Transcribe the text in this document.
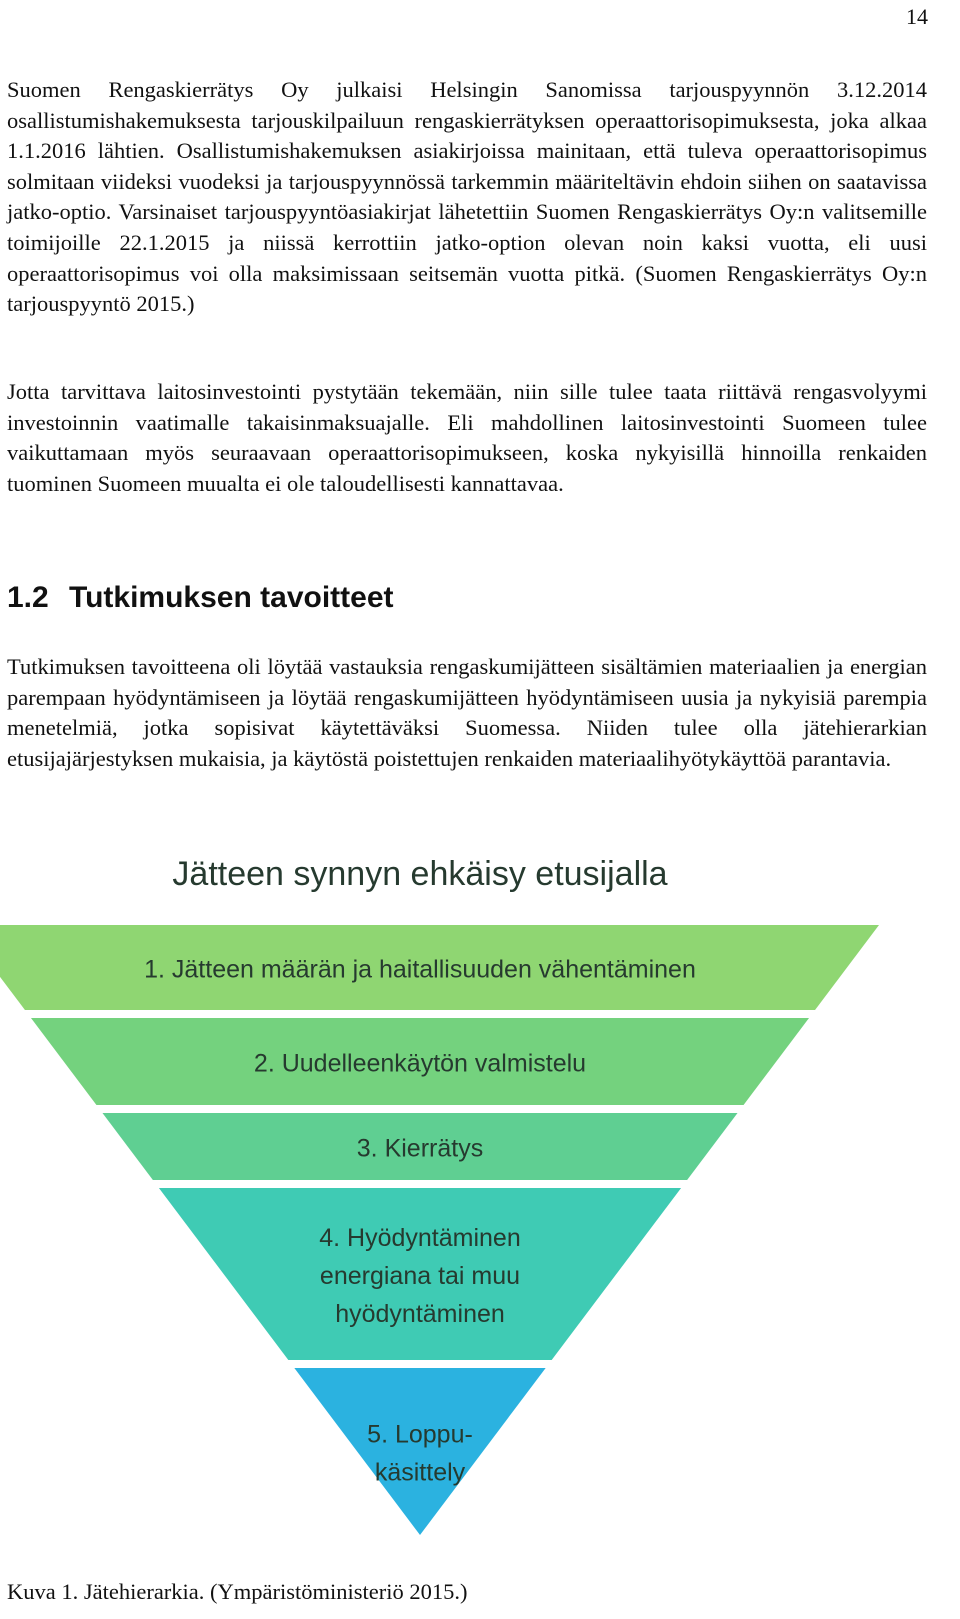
14

Suomen Rengaskierrätys Oy julkaisi Helsingin Sanomissa tarjouspyynnön 3.12.2014 osallistumishakemuksesta tarjouskilpailuun rengaskierrätyksen operaattorisopimuksesta, joka alkaa 1.1.2016 lähtien. Osallistumishakemuksen asiakirjoissa mainitaan, että tuleva operaattorisopimus solmitaan viideksi vuodeksi ja tarjouspyynnössä tarkemmin määriteltävin ehdoin siihen on saatavissa jatko-optio. Varsinaiset tarjouspyyntöasiakirjat lähetettiin Suomen Rengaskierrätys Oy:n valitsemille toimijoille 22.1.2015 ja niissä kerrottiin jatko-option olevan noin kaksi vuotta, eli uusi operaattorisopimus voi olla maksimissaan seitsemän vuotta pitkä. (Suomen Rengaskierrätys Oy:n tarjouspyyntö 2015.)

Jotta tarvittava laitosinvestointi pystytään tekemään, niin sille tulee taata riittävä rengasvolyymi investoinnin vaatimalle takaisinmaksuajalle. Eli mahdollinen laitosinvestointi Suomeen tulee vaikuttamaan myös seuraavaan operaattorisopimukseen, koska nykyisillä hinnoilla renkaiden tuominen Suomeen muualta ei ole taloudellisesti kannattavaa.

1.2 Tutkimuksen tavoitteet

Tutkimuksen tavoitteena oli löytää vastauksia rengaskumijätteen sisältämien materiaalien ja energian parempaan hyödyntämiseen ja löytää rengaskumijätteen hyödyntämiseen uusia ja nykyisiä parempia menetelmiä, jotka sopisivat käytettäväksi Suomessa. Niiden tulee olla jätehierarkian etusijajärjestyksen mukaisia, ja käytöstä poistettujen renkaiden materiaalihyötykäyttöä parantavia.

Jätteen synnyn ehkäisy etusijalla
1. Jätteen määrän ja haitallisuuden vähentäminen
2. Uudelleenkäytön valmistelu
3. Kierrätys
4. Hyödyntäminen
energiana tai muu
hyödyntäminen
5. Loppu-
käsittely

Kuva 1. Jätehierarkia. (Ympäristöministeriö 2015.)
